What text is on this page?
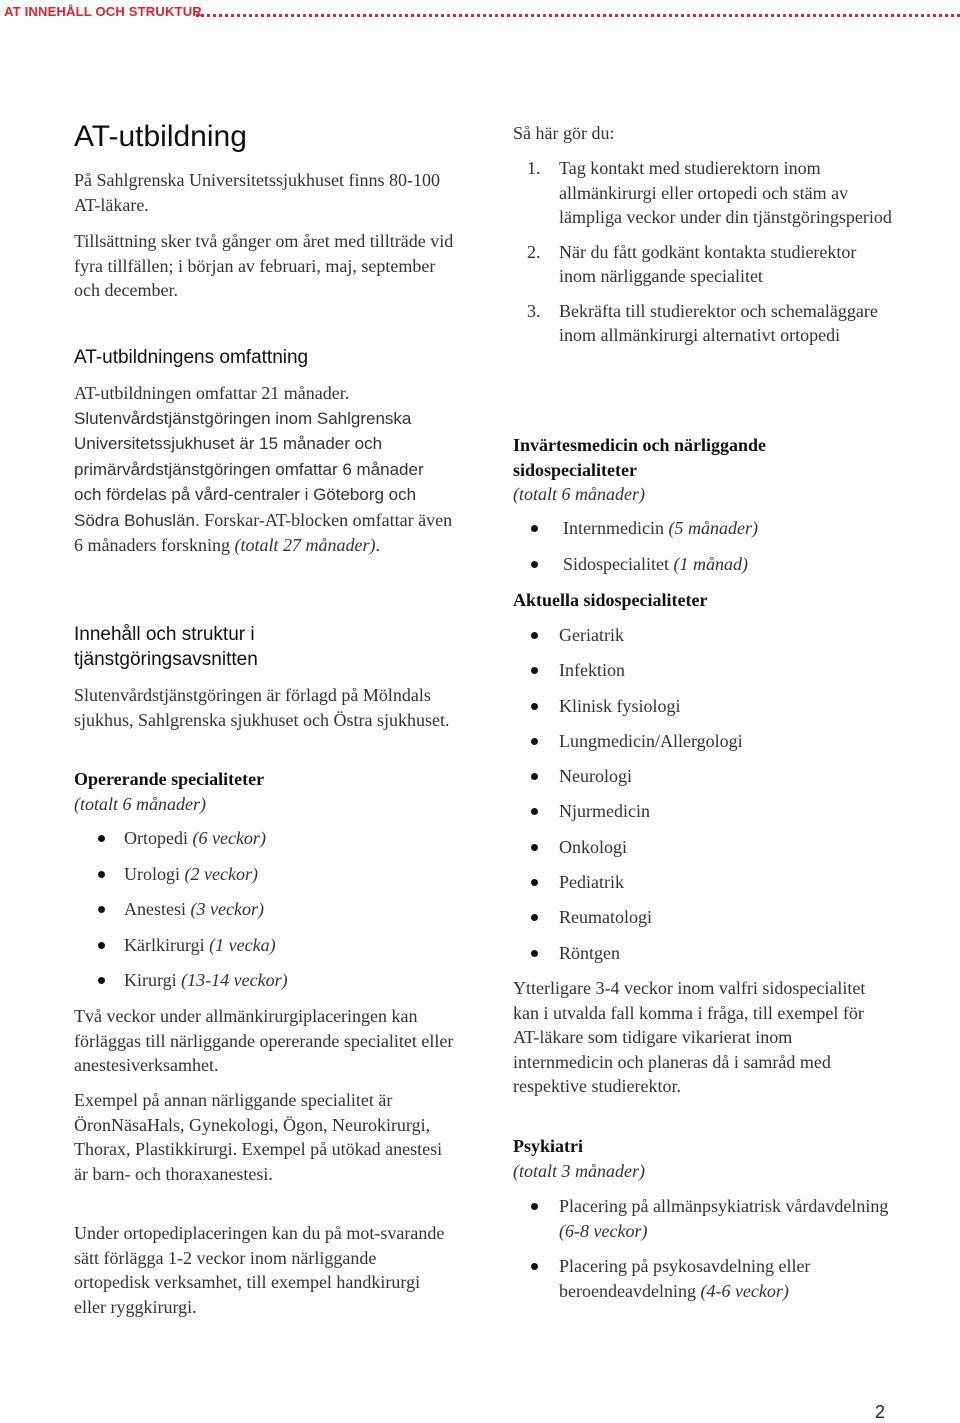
AT INNEHÅLL OCH STRUKTUR
AT-utbildning

På Sahlgrenska Universitetssjukhuset finns 80-100 AT-läkare.

Tillsättning sker två gånger om året med tillträde vid fyra tillfällen; i början av februari, maj, september och december.

AT-utbildningens omfattning

AT-utbildningen omfattar 21 månader. Slutenvårdstjänstgöringen inom Sahlgrenska Universitetssjukhuset är 15 månader och primärvårdstjänstgöringen omfattar 6 månader och fördelas på vård-centraler i Göteborg och Södra Bohuslän. Forskar-AT-blocken omfattar även 6 månaders forskning (totalt 27 månader).

Innehåll och struktur i tjänstgöringsavsnitten

Slutenvårdstjänstgöringen är förlagd på Mölndals sjukhus, Sahlgrenska sjukhuset och Östra sjukhuset.

Opererande specialiteter
(totalt 6 månader)

Ortopedi (6 veckor)
Urologi (2 veckor)
Anestesi (3 veckor)
Kärlkirurgi (1 vecka)
Kirurgi (13-14 veckor)

Två veckor under allmänkirurgiplaceringen kan förläggas till närliggande opererande specialitet eller anestesiverksamhet.

Exempel på annan närliggande specialitet är ÖronNäsaHals, Gynekologi, Ögon, Neurokirurgi, Thorax, Plastikkirurgi. Exempel på utökad anestesi är barn- och thoraxanestesi.

Under ortopediplaceringen kan du på mot-svarande sätt förlägga 1-2 veckor inom närliggande ortopedisk verksamhet, till exempel handkirurgi eller ryggkirurgi.

Så här gör du:

1. Tag kontakt med studierektorn inom allmänkirurgi eller ortopedi och stäm av lämpliga veckor under din tjänstgöringsperiod
2. När du fått godkänt kontakta studierektor inom närliggande specialitet
3. Bekräfta till studierektor och schemaläggare inom allmänkirurgi alternativt ortopedi

Invärtesmedicin och närliggande sidospecialiteter
(totalt 6 månader)

Internmedicin (5 månader)
Sidospecialitet (1 månad)

Aktuella sidospecialiteter

Geriatrik
Infektion
Klinisk fysiologi
Lungmedicin/Allergologi
Neurologi
Njurmedicin
Onkologi
Pediatrik
Reumatologi
Röntgen

Ytterligare 3-4 veckor inom valfri sidospecialitet kan i utvalda fall komma i fråga, till exempel för AT-läkare som tidigare vikarierat inom internmedicin och planeras då i samråd med respektive studierektor.

Psykiatri
(totalt 3 månader)

Placering på allmänpsykiatrisk vårdavdelning (6-8 veckor)
Placering på psykosavdelning eller beroendeavdelning (4-6 veckor)
2
